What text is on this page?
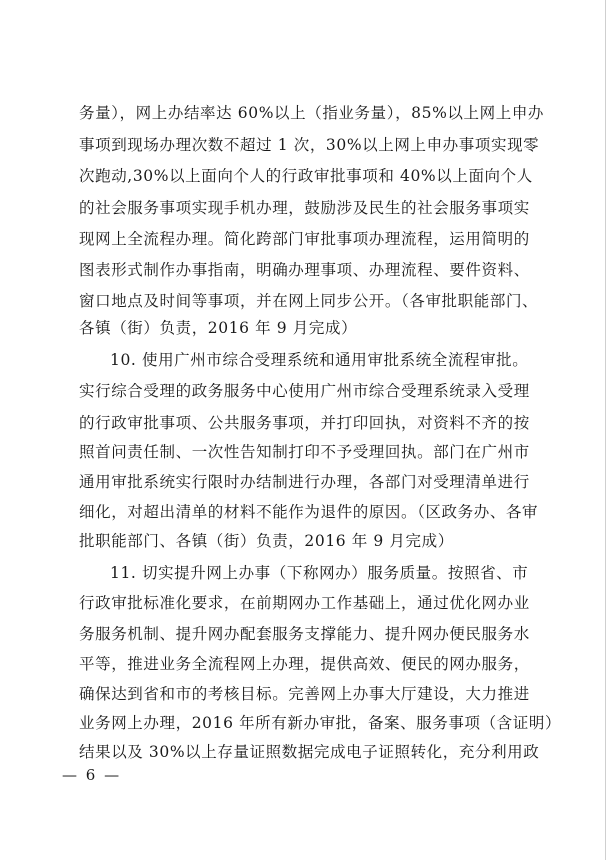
务量），网上办结率达 60%以上（指业务量），85%以上网上申办
事项到现场办理次数不超过 1 次，30%以上网上申办事项实现零
次跑动,30%以上面向个人的行政审批事项和 40%以上面向个人
的社会服务事项实现手机办理，鼓励涉及民生的社会服务事项实
现网上全流程办理。简化跨部门审批事项办理流程，运用简明的
图表形式制作办事指南，明确办理事项、办理流程、要件资料、
窗口地点及时间等事项，并在网上同步公开。（各审批职能部门、
各镇（街）负责，2016 年 9 月完成）
10. 使用广州市综合受理系统和通用审批系统全流程审批。
实行综合受理的政务服务中心使用广州市综合受理系统录入受理
的行政审批事项、公共服务事项，并打印回执，对资料不齐的按
照首问责任制、一次性告知制打印不予受理回执。部门在广州市
通用审批系统实行限时办结制进行办理，各部门对受理清单进行
细化，对超出清单的材料不能作为退件的原因。（区政务办、各审
批职能部门、各镇（街）负责，2016 年 9 月完成）
11. 切实提升网上办事（下称网办）服务质量。按照省、市
行政审批标准化要求，在前期网办工作基础上，通过优化网办业
务服务机制、提升网办配套服务支撑能力、提升网办便民服务水
平等，推进业务全流程网上办理，提供高效、便民的网办服务，
确保达到省和市的考核目标。完善网上办事大厅建设，大力推进
业务网上办理，2016 年所有新办审批，备案、服务事项（含证明）
结果以及 30%以上存量证照数据完成电子证照转化，充分利用政
— 6 —
